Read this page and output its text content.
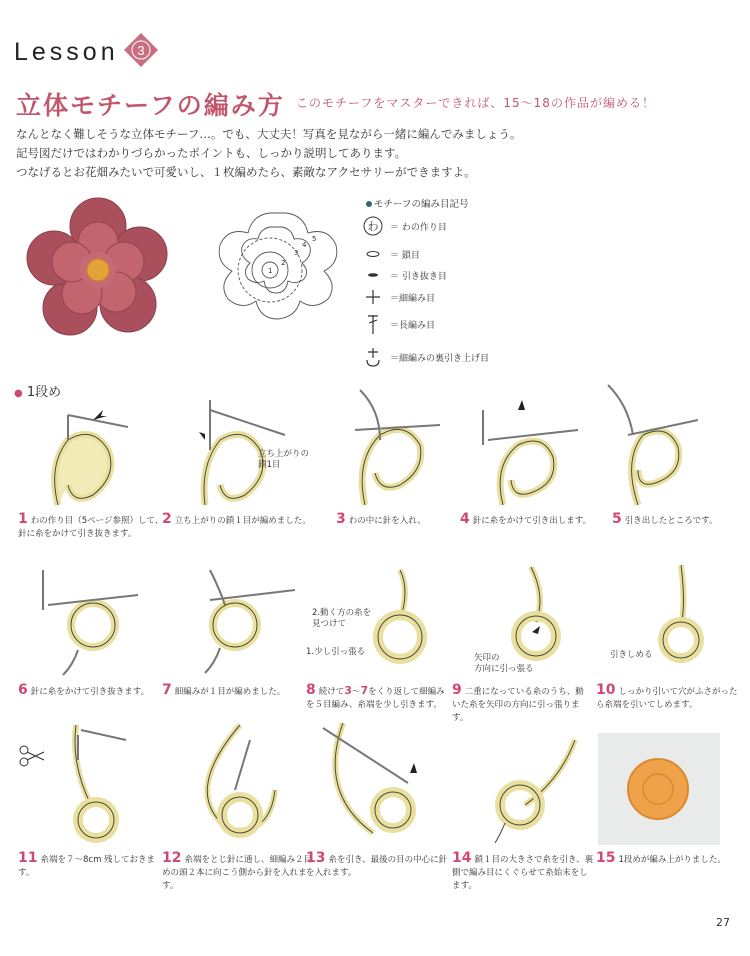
Lesson 3
立体モチーフの編み方 このモチーフをマスターできれば、15～18の作品が編める！
なんとなく難しそうな立体モチーフ…。でも、大丈夫！写真を見ながら一緒に編んでみましょう。
記号図だけではわかりづらかったポイントも、しっかり説明してあります。
つなげるとお花畑みたいで可愛いし、１枚編めたら、素敵なアクセサリーができますよ。
1
2
3
4
5
モチーフの編み目記号
わ ＝ わの作り目
＝ 鎖目
＝ 引き抜き目
＝細編み目
＝長編み目
＝細編みの裏引き上げ目
● 1段め
立ち上がりの
鎖1目
1 わの作り目（5ページ参照）して、針に糸をかけて引き抜きます。
2 立ち上がりの鎖１目が編めました。	3 わの中に針を入れ、	4 針に糸をかけて引き出します。	5 引き出したところです。
2.動く方の糸を
見つけて
1.少し引っ張る
矢印の
方向に引っ張る
引きしめる
6 針に糸をかけて引き抜きます。 7 細編みが１目が編めました。	8 続けて3～7をくり返して細編みを５目編み、糸端を少し引きます。
9 二重になっている糸のうち、動いた糸を矢印の方向に引っ張ります。
10 しっかり引いて穴がふさがったら糸端を引いてしめます。
11 糸端を７～8cm 残しておきます。
12 糸端をとじ針に通し、細編み２目めの頭２本に向こう側から針を入れます。
13 糸を引き、最後の目の中心に針を入れます。
14 鎖１目の大きさで糸を引き、裏側で編み目にくぐらせて糸始末をします。
15 1段めが編み上がりました。
27
